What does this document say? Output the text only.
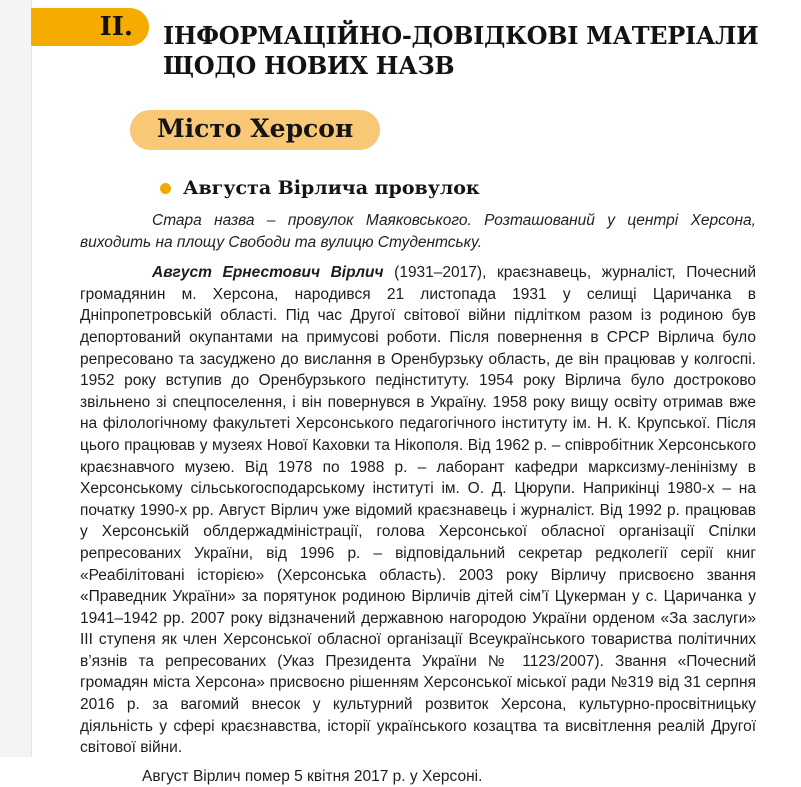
II. ІНФОРМАЦІЙНО-ДОВІДКОВІ МАТЕРІАЛИ
ЩОДО НОВИХ НАЗВ
Місто Херсон
Августа Вірлича провулок

Стара назва – провулок Маяковського. Розташований у центрі Херсона, виходить на площу Свободи та вулицю Студентську.

Август Ернестович Вірлич (1931–2017), краєзнавець, журналіст, Почесний громадянин м. Херсона, народився 21 листопада 1931 у селищі Царичанка в Дніпропетровській області. Під час Другої світової війни підлітком разом із родиною був депортований окупантами на примусові роботи. Після повернення в СРСР Вірлича було репресовано та засуджено до вислання в Оренбурзьку область, де він працював у колгоспі. 1952 року вступив до Оренбурзького педінституту. 1954 року Вірлича було достроково звільнено зі спецпоселення, і він повернувся в Україну. 1958 року вищу освіту отримав вже на філологічному факультеті Херсонського педагогічного інституту ім. Н. К. Крупської. Після цього працював у музеях Нової Каховки та Нікополя. Від 1962 р. – співробітник Херсонського краєзнавчого музею. Від 1978 по 1988 р. – лаборант кафедри марксизму-ленінізму в Херсонському сільськогосподарському інституті ім. О. Д. Цюрупи. Наприкінці 1980-х – на початку 1990-х рр. Август Вірлич уже відомий краєзнавець і журналіст. Від 1992 р. працював у Херсонській облдержадміністрації, голова Херсонської обласної організації Спілки репресованих України, від 1996 р. – відповідальний секретар редколегії серії книг «Реабілітовані історією» (Херсонська область). 2003 року Вірличу присвоєно звання «Праведник України» за порятунок родиною Вірличів дітей сім’ї Цукерман у с. Царичанка у 1941–1942 рр. 2007 року відзначений державною нагородою України орденом «За заслуги» III ступеня як член Херсонської обласної організації Всеукраїнського товариства політичних в’язнів та репресованих (Указ Президента України № 1123/2007). Звання «Почесний громадян міста Херсона» присвоєно рішенням Херсонської міської ради №319 від 31 серпня 2016 р. за вагомий внесок у культурний розвиток Херсона, культурно-просвітницьку діяльність у сфері краєзнавства, історії українського козацтва та висвітлення реалій Другої світової війни.

Август Вірлич помер 5 квітня 2017 р. у Херсоні.
